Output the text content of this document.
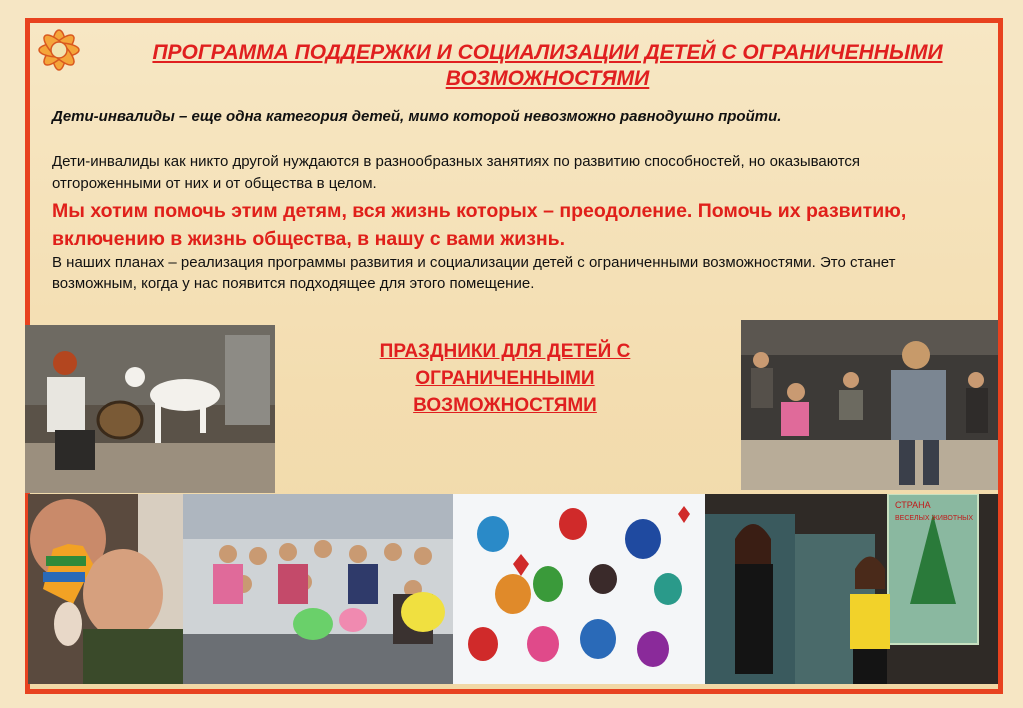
ПРОГРАММА ПОДДЕРЖКИ И СОЦИАЛИЗАЦИИ ДЕТЕЙ С ОГРАНИЧЕННЫМИ ВОЗМОЖНОСТЯМИ
Дети-инвалиды – еще одна категория детей, мимо которой невозможно равнодушно пройти.
Дети-инвалиды как никто другой нуждаются в разнообразных занятиях по развитию способностей, но оказываются отгороженными от них и от общества в целом.
Мы хотим помочь этим детям, вся жизнь которых – преодоление. Помочь их развитию, включению в жизнь общества, в нашу с вами жизнь.
В наших планах – реализация программы развития и социализации детей с ограниченными возможностями. Это станет возможным, когда у нас появится подходящее для этого помещение.
ПРАЗДНИКИ ДЛЯ ДЕТЕЙ С ОГРАНИЧЕННЫМИ ВОЗМОЖНОСТЯМИ
СТРАНА
ВЕСЕЛЫХ ЖИВОТНЫХ
